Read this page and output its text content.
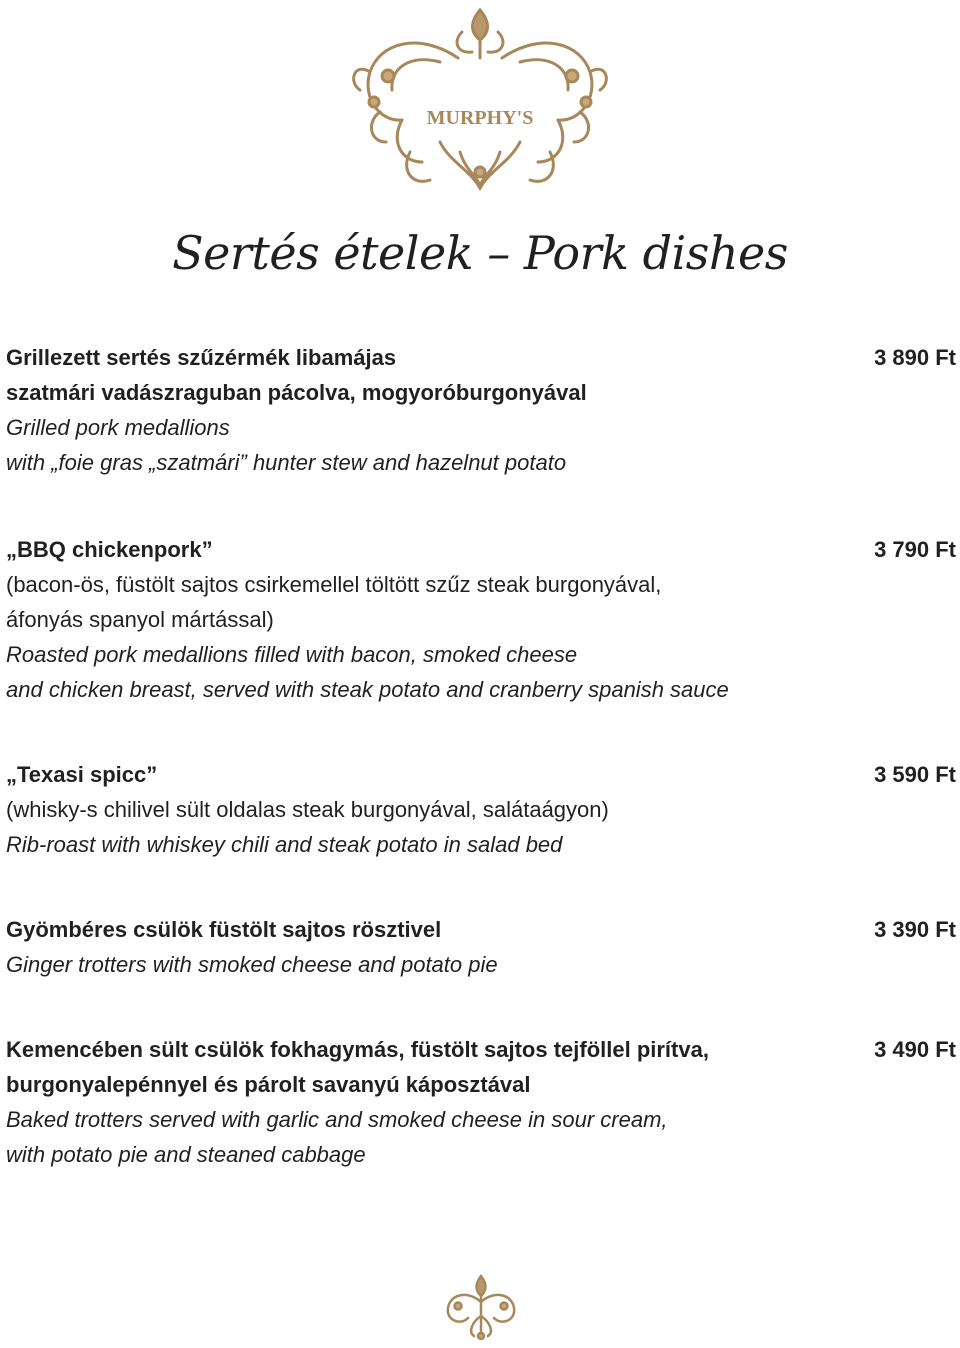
MURPHY'S
Sertés ételek – Pork dishes
Grillezett sertés szűzérmék libamájas
szatmári vadászraguban pácolva, mogyoróburgonyával
Grilled pork medallions
with „foie gras „szatmári” hunter stew and hazelnut potato
3 890 Ft
„BBQ chickenpork”
(bacon-ös, füstölt sajtos csirkemellel töltött szűz steak burgonyával,
áfonyás spanyol mártással)
Roasted pork medallions filled with bacon, smoked cheese
and chicken breast, served with steak potato and cranberry spanish sauce
3 790 Ft
„Texasi spicc”
(whisky-s chilivel sült oldalas steak burgonyával, salátaágyon)
Rib-roast with whiskey chili and steak potato in salad bed
3 590 Ft
Gyömbéres csülök füstölt sajtos rösztivel
Ginger trotters with smoked cheese and potato pie
3 390 Ft
Kemencében sült csülök fokhagymás, füstölt sajtos tejföllel pirítva,
burgonyalepénnyel és párolt savanyú káposztával
Baked trotters served with garlic and smoked cheese in sour cream,
with potato pie and steaned cabbage
3 490 Ft
